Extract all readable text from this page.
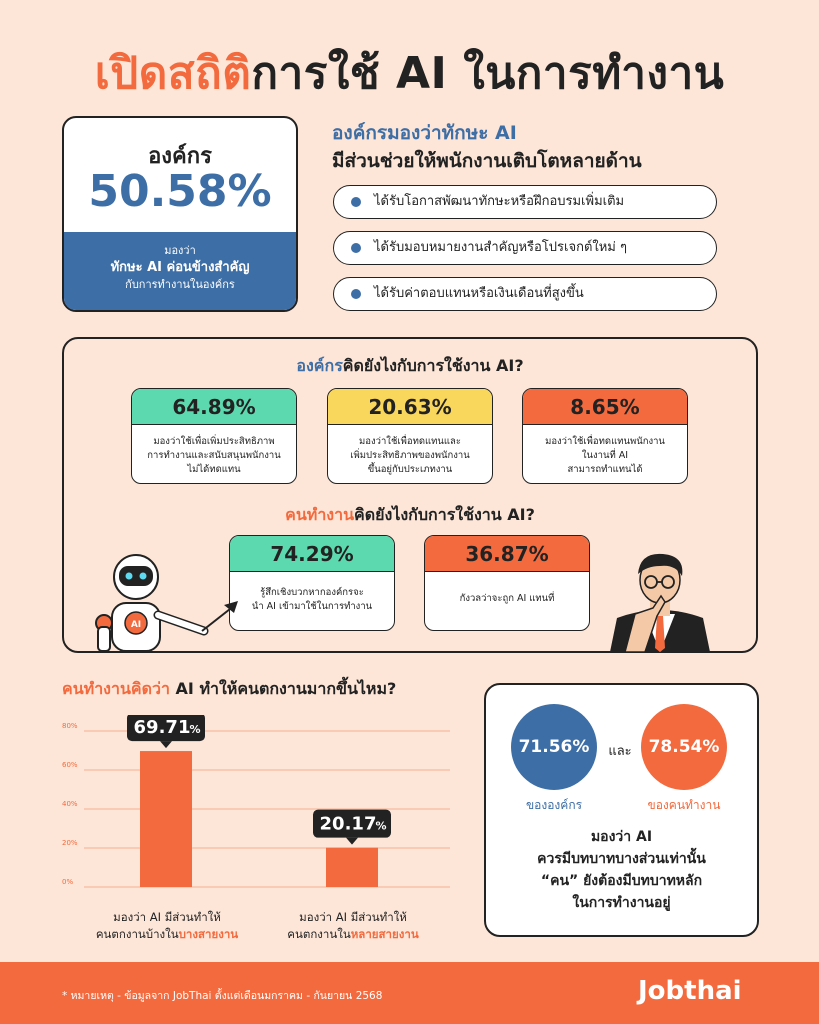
เปิดสถิติการใช้ AI ในการทำงาน
องค์กร
50.58%
มองว่า
ทักษะ AI ค่อนข้างสำคัญ
กับการทำงานในองค์กร
องค์กรมองว่าทักษะ AI
มีส่วนช่วยให้พนักงานเติบโตหลายด้าน
ได้รับโอกาสพัฒนาทักษะหรือฝึกอบรมเพิ่มเติม
ได้รับมอบหมายงานสำคัญหรือโปรเจกต์ใหม่ ๆ
ได้รับค่าตอบแทนหรือเงินเดือนที่สูงขึ้น
องค์กรคิดยังไงกับการใช้งาน AI?
64.89%
มองว่าใช้เพื่อเพิ่มประสิทธิภาพ
การทำงานและสนับสนุนพนักงาน
ไม่ได้ทดแทน
20.63%
มองว่าใช้เพื่อทดแทนและ
เพิ่มประสิทธิภาพของพนักงาน
ขึ้นอยู่กับประเภทงาน
8.65%
มองว่าใช้เพื่อทดแทนพนักงาน
ในงานที่ AI
สามารถทำแทนได้
คนทำงานคิดยังไงกับการใช้งาน AI?
74.29%
รู้สึกเชิงบวกหากองค์กรจะ
นำ AI เข้ามาใช้ในการทำงาน
36.87%
กังวลว่าจะถูก AI แทนที่
AI
คนทำงานคิดว่า AI ทำให้คนตกงานมากขึ้นไหม?
0%
20%
40%
60%
80%	69.71 %
20.17 %
มองว่า AI มีส่วนทำให้
คนตกงานบ้างในบางสายงาน
มองว่า AI มีส่วนทำให้
คนตกงานในหลายสายงาน
71.56%
ขององค์กร
และ 78.54%
ของคนทำงาน
มองว่า AI
ควรมีบทบาทบางส่วนเท่านั้น
“คน” ยังต้องมีบทบาทหลัก
ในการทำงานอยู่
* หมายเหตุ - ข้อมูลจาก JobThai ตั้งแต่เดือนมกราคม - กันยายน 2568	Jobthai
